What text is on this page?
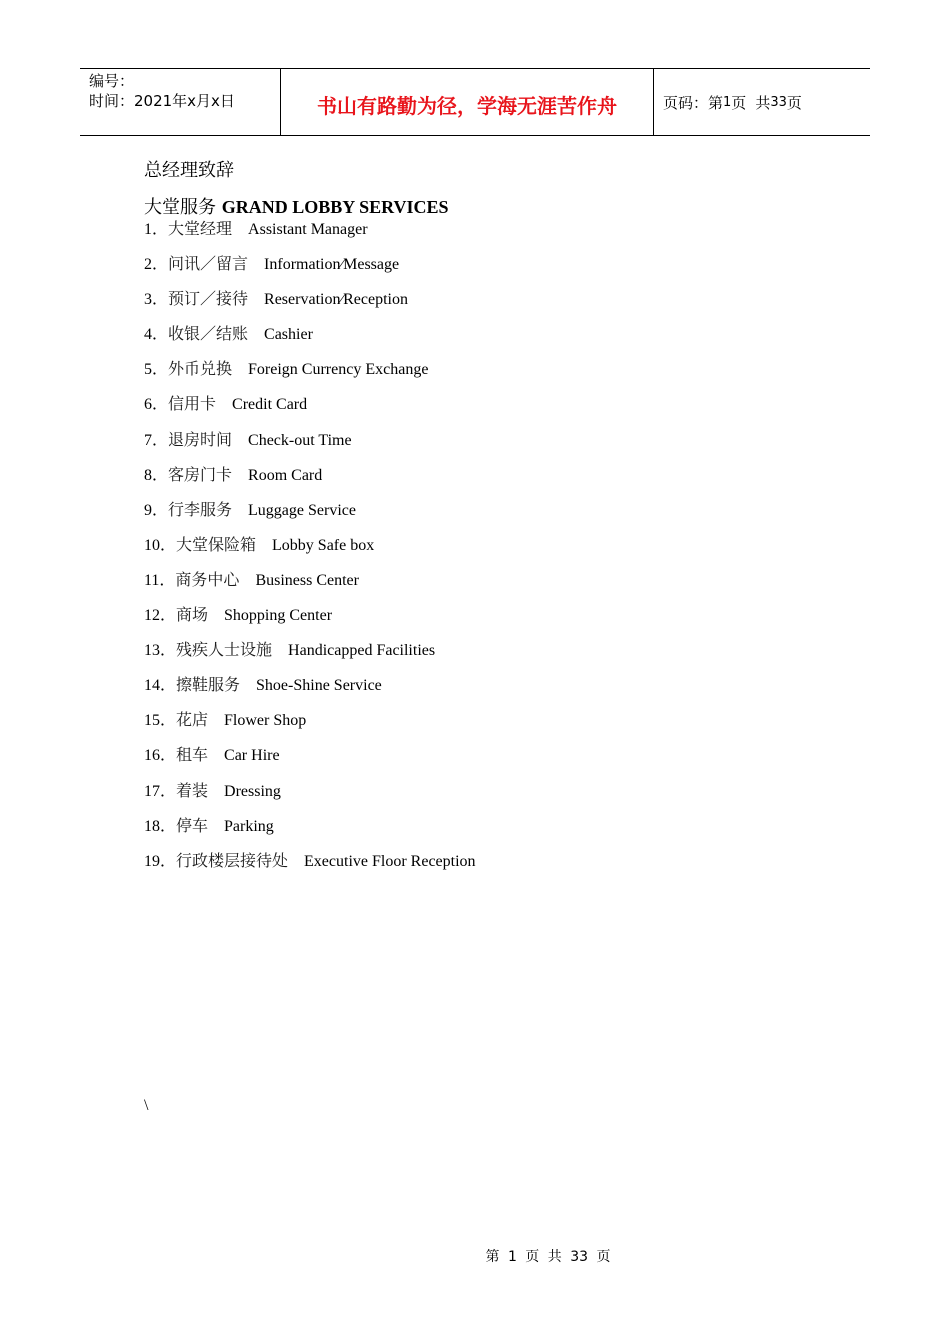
编号：
时间：2021年x月x日	书山有路勤为径，学海无涯苦作舟	页码：第 1 页 共 33 页
总经理致辞
大堂服务 GRAND LOBBY SERVICES
1．大堂经理 Assistant Manager
2．问讯／留言 Information⁄Message
3．预订／接待 Reservation⁄Reception
4．收银／结账 Cashier
5．外币兑换 Foreign Currency Exchange
6．信用卡 Credit Card
7．退房时间 Check-out Time
8．客房门卡 Room Card
9．行李服务 Luggage Service
10．大堂保险箱 Lobby Safe box
11．商务中心 Business Center
12．商场 Shopping Center
13．残疾人士设施 Handicapped Facilities
14．擦鞋服务 Shoe-Shine Service
15．花店 Flower Shop
16．租车 Car Hire
17．着装 Dressing
18．停车 Parking
19．行政楼层接待处 Executive Floor Reception
\
第 1 页 共 33 页
